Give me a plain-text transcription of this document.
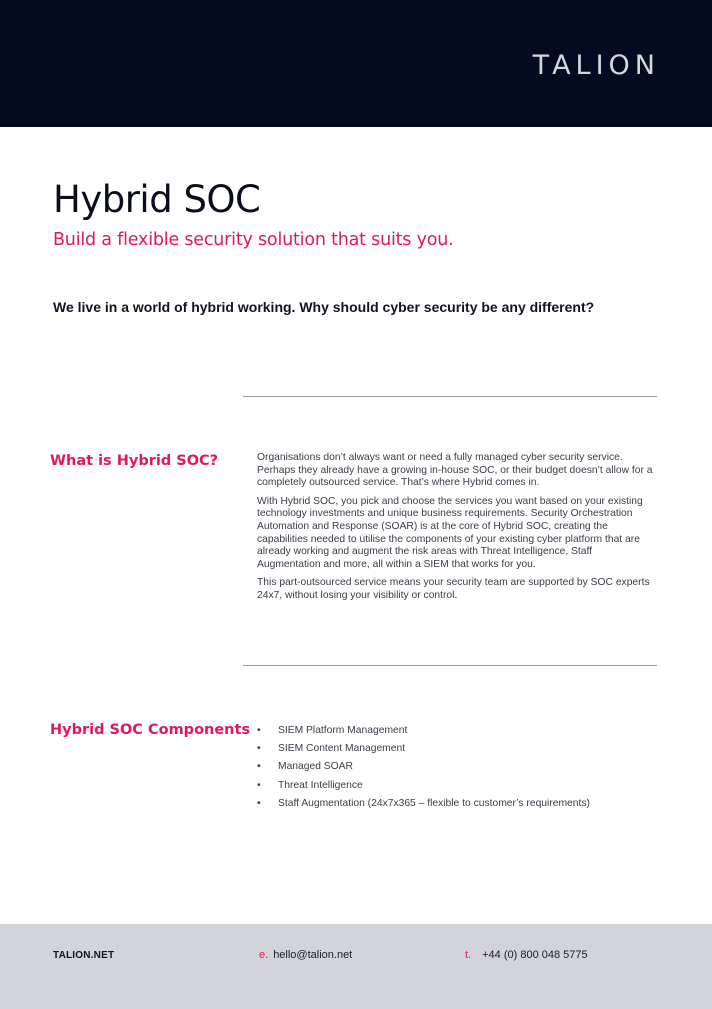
TALION
Hybrid SOC
Build a flexible security solution that suits you.
We live in a world of hybrid working. Why should cyber security be any different?
What is Hybrid SOC?	Organisations don’t always want or need a fully managed cyber security service. Perhaps they already have a growing in-house SOC, or their budget doesn’t allow for a completely outsourced service. That’s where Hybrid comes in.

With Hybrid SOC, you pick and choose the services you want based on your existing technology investments and unique business requirements. Security Orchestration Automation and Response (SOAR) is at the core of Hybrid SOC, creating the capabilities needed to utilise the components of your existing cyber platform that are already working and augment the risk areas with Threat Intelligence, Staff Augmentation and more, all within a SIEM that works for you.

This part-outsourced service means your security team are supported by SOC experts 24x7, without losing your visibility or control.

Hybrid SOC Components •	SIEM Platform Management
•	SIEM Content Management
•	Managed SOAR
•	Threat Intelligence
•	Staff Augmentation (24x7x365 – flexible to customer’s requirements)
TALION.NET	e. hello@talion.net	t. +44 (0) 800 048 5775
